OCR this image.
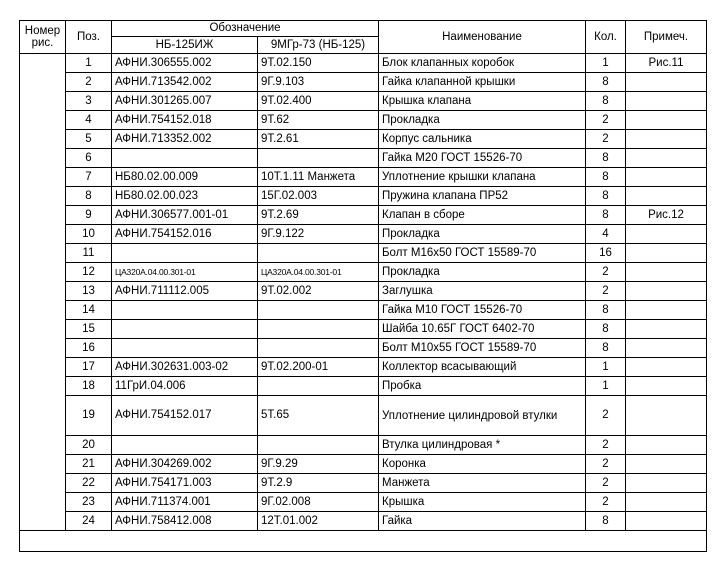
Номер рис.	Поз.	Обозначение		Наименование	Кол.	Примеч.
		НБ-125ИЖ	9МГр-73 (НБ-125)			
	1	АФНИ.306555.002	9Т.02.150	Блок клапанных коробок	1	Рис.11
	2	АФНИ.713542.002	9Г.9.103	Гайка клапанной крышки	8	
	3	АФНИ.301265.007	9Т.02.400	Крышка клапана	8	
	4	АФНИ.754152.018	9Т.62	Прокладка	2	
	5	АФНИ.713352.002	9Т.2.61	Корпус сальника	2	
	6			Гайка М20 ГОСТ 15526-70	8	
	7	НБ80.02.00.009	10Т.1.11 Манжета	Уплотнение крышки клапана	8	
	8	НБ80.02.00.023	15Г.02.003	Пружина клапана ПР52	8	
	9	АФНИ.306577.001-01	9Т.2.69	Клапан в сборе	8	Рис.12
	10	АФНИ.754152.016	9Г.9.122	Прокладка	4	
	11			Болт М16х50 ГОСТ 15589-70	16	
	12	ЦА320А.04.00.301-01	ЦА320А.04.00.301-01	Прокладка	2	
	13	АФНИ.711112.005	9Т.02.002	Заглушка	2	
	14			Гайка М10 ГОСТ 15526-70	8	
	15			Шайба 10.65Г ГОСТ 6402-70	8	
	16			Болт М10х55 ГОСТ 15589-70	8	
	17	АФНИ.302631.003-02	9Т.02.200-01	Коллектор всасывающий	1	
	18	11ГрИ.04.006		Пробка	1	
	19	АФНИ.754152.017	5Т.65	Уплотнение цилиндровой втулки	2	
	20			Втулка цилиндровая *	2	
	21	АФНИ.304269.002	9Г.9.29	Коронка	2	
	22	АФНИ.754171.003	9Т.2.9	Манжета	2	
	23	АФНИ.711374.001	9Г.02.008	Крышка	2	
	24	АФНИ.758412.008	12Т.01.002	Гайка	8	
